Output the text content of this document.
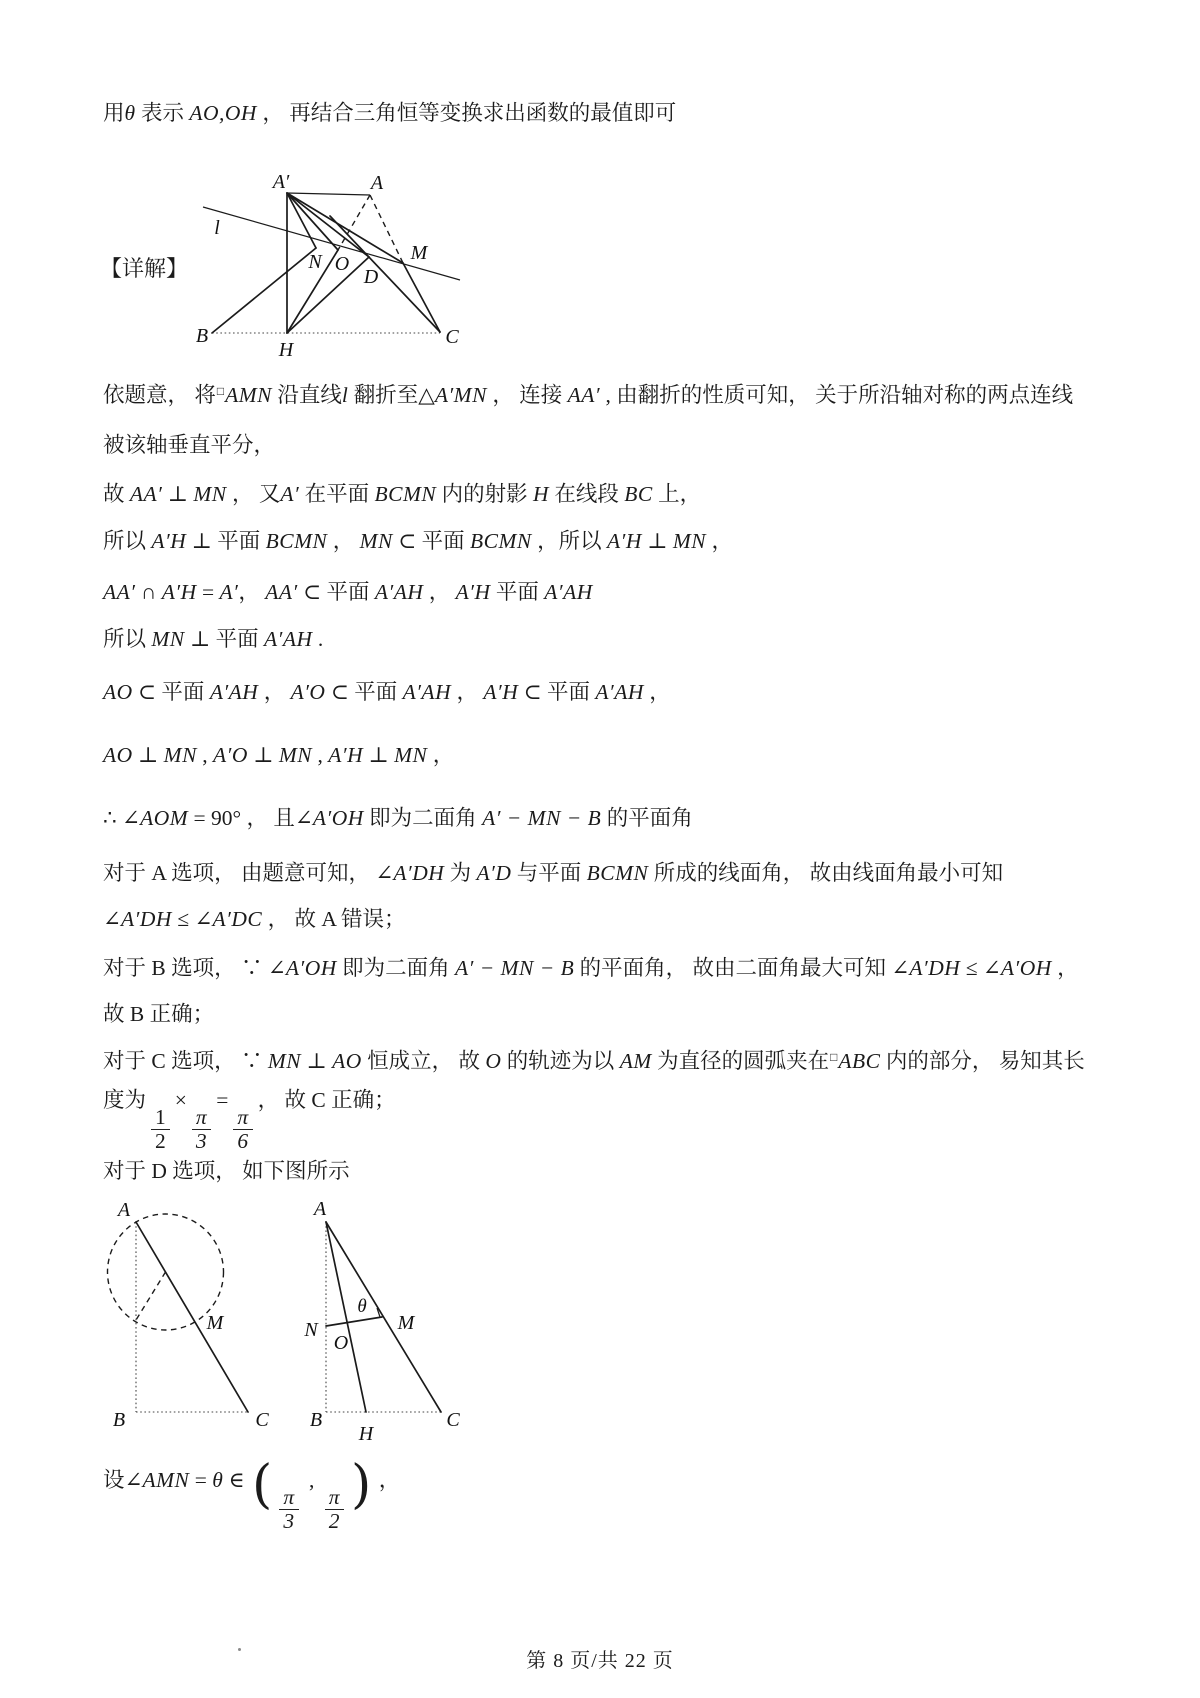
A′	A
l
N O
D
M
B
H
C
【详解】
A
B	C
M
A
B	C
H
N
O
M
θ
用θ 表示 AO,OH ， 再结合三角恒等变换求出函数的最值即可
依题意， 将□AMN 沿直线l 翻折至△A′MN ， 连接 AA′ , 由翻折的性质可知， 关于所沿轴对称的两点连线
被该轴垂直平分，
故 AA′ ⊥ MN ， 又A′ 在平面 BCMN 内的射影 H 在线段 BC 上，
所以 A′H ⊥ 平面 BCMN ， MN ⊂ 平面 BCMN ，所以 A′H ⊥ MN ，
AA′ ∩ A′H = A′， AA′ ⊂ 平面 A′AH ， A′H 平面 A′AH
所以 MN ⊥ 平面 A′AH .
AO ⊂ 平面 A′AH ， A′O ⊂ 平面 A′AH ， A′H ⊂ 平面 A′AH ，
AO ⊥ MN , A′O ⊥ MN , A′H ⊥ MN ，
∴ ∠AOM = 90° ， 且∠A′OH 即为二面角 A′ − MN − B 的平面角
对于 A 选项， 由题意可知， ∠A′DH 为 A′D 与平面 BCMN 所成的线面角， 故由线面角最小可知
∠A′DH ≤ ∠A′DC ， 故 A 错误；
对于 B 选项， ∵ ∠A′OH 即为二面角 A′ − MN − B 的平面角， 故由二面角最大可知 ∠A′DH ≤ ∠A′OH ，
故 B 正确；
对于 C 选项， ∵ MN ⊥ AO 恒成立， 故 O 的轨迹为以 AM 为直径的圆弧夹在□ABC 内的部分， 易知其长
度为
$\frac{1}{2}$
×
$\frac{\pi}{3}$
=
$\frac{\pi}{6}$
， 故 C 正确；
对于 D 选项， 如下图所示
设∠AMN = θ ∈ ( $\frac{\pi}{3}$
,
$\frac{\pi}{2}$ ) ，
第 8 页/共 22 页
